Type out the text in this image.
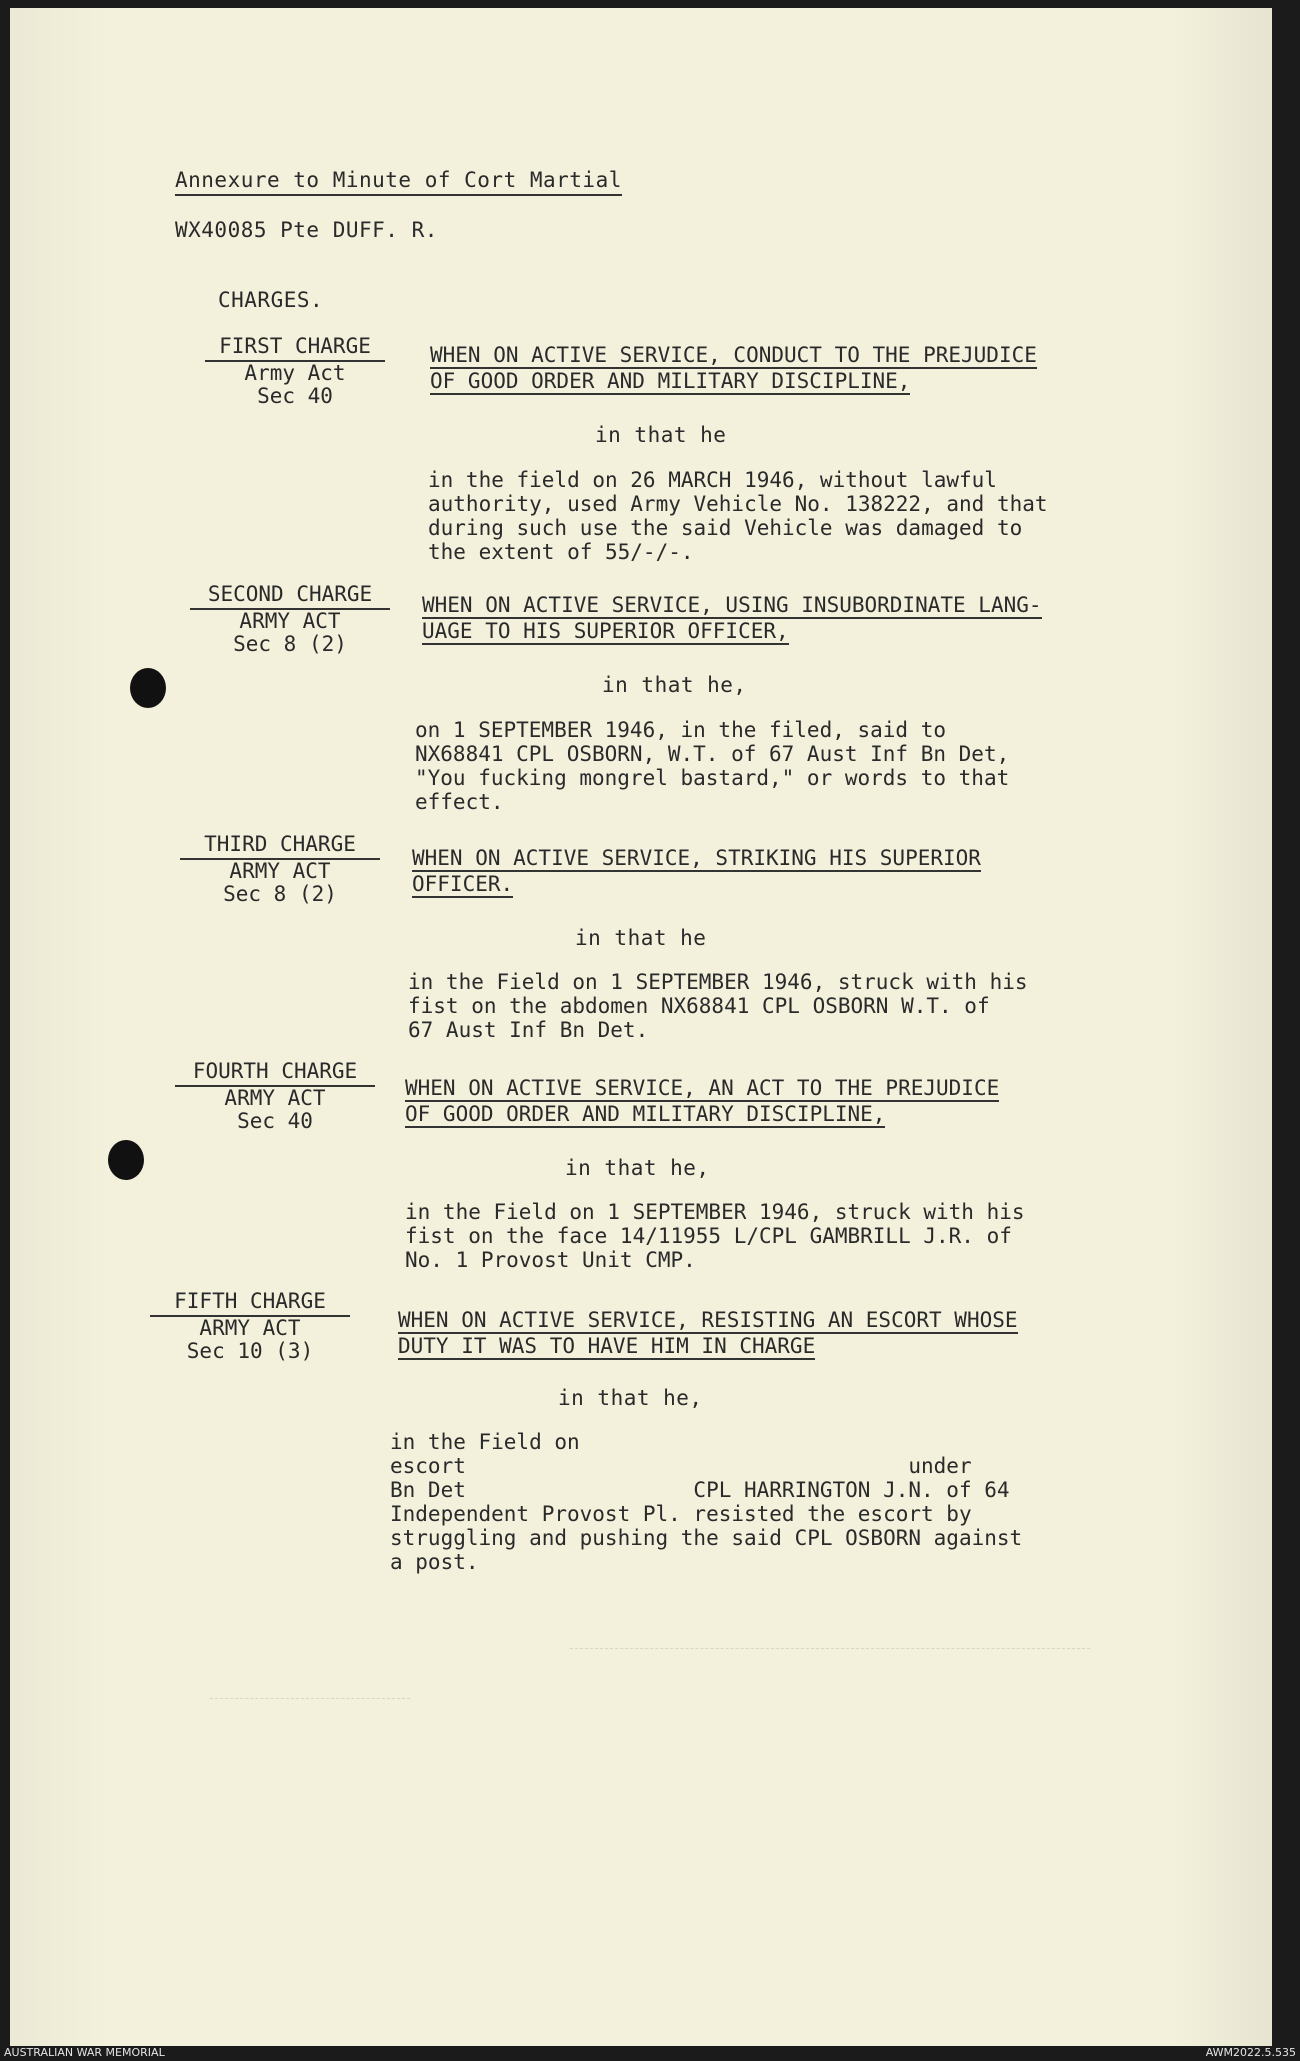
Annexure to Minute of Cort Martial
WX40085 Pte DUFF. R.
CHARGES.
FIRST CHARGE
Army Act
Sec 40
WHEN ON ACTIVE SERVICE, CONDUCT TO THE PREJUDICE
OF GOOD ORDER AND MILITARY DISCIPLINE,
in that he
in the field on 26 MARCH 1946, without lawful
authority, used Army Vehicle No. 138222, and that
during such use the said Vehicle was damaged to
the extent of 55/-/-.
SECOND CHARGE
ARMY ACT
Sec 8 (2)
WHEN ON ACTIVE SERVICE, USING INSUBORDINATE LANG-
UAGE TO HIS SUPERIOR OFFICER,
in that he,
on 1 SEPTEMBER 1946, in the filed, said to
NX68841 CPL OSBORN, W.T. of 67 Aust Inf Bn Det,
"You fucking mongrel bastard," or words to that
effect.
THIRD CHARGE
ARMY ACT
Sec 8 (2)
WHEN ON ACTIVE SERVICE, STRIKING HIS SUPERIOR
OFFICER.
in that he
in the Field on 1 SEPTEMBER 1946, struck with his
fist on the abdomen NX68841 CPL OSBORN W.T. of
67 Aust Inf Bn Det.
FOURTH CHARGE
ARMY ACT
Sec 40
WHEN ON ACTIVE SERVICE, AN ACT TO THE PREJUDICE
OF GOOD ORDER AND MILITARY DISCIPLINE,
in that he,
in the Field on 1 SEPTEMBER 1946, struck with his
fist on the face 14/11955 L/CPL GAMBRILL J.R. of
No. 1 Provost Unit CMP.
FIFTH CHARGE
ARMY ACT
Sec 10 (3)
WHEN ON ACTIVE SERVICE, RESISTING AN ESCORT WHOSE
DUTY IT WAS TO HAVE HIM IN CHARGE
in that he,
in the Field on
escort                                   under
Bn Det                  CPL HARRINGTON J.N. of 64
Independent Provost Pl. resisted the escort by
struggling and pushing the said CPL OSBORN against
a post.
AUSTRALIAN WAR MEMORIAL	AWM2022.5.535
